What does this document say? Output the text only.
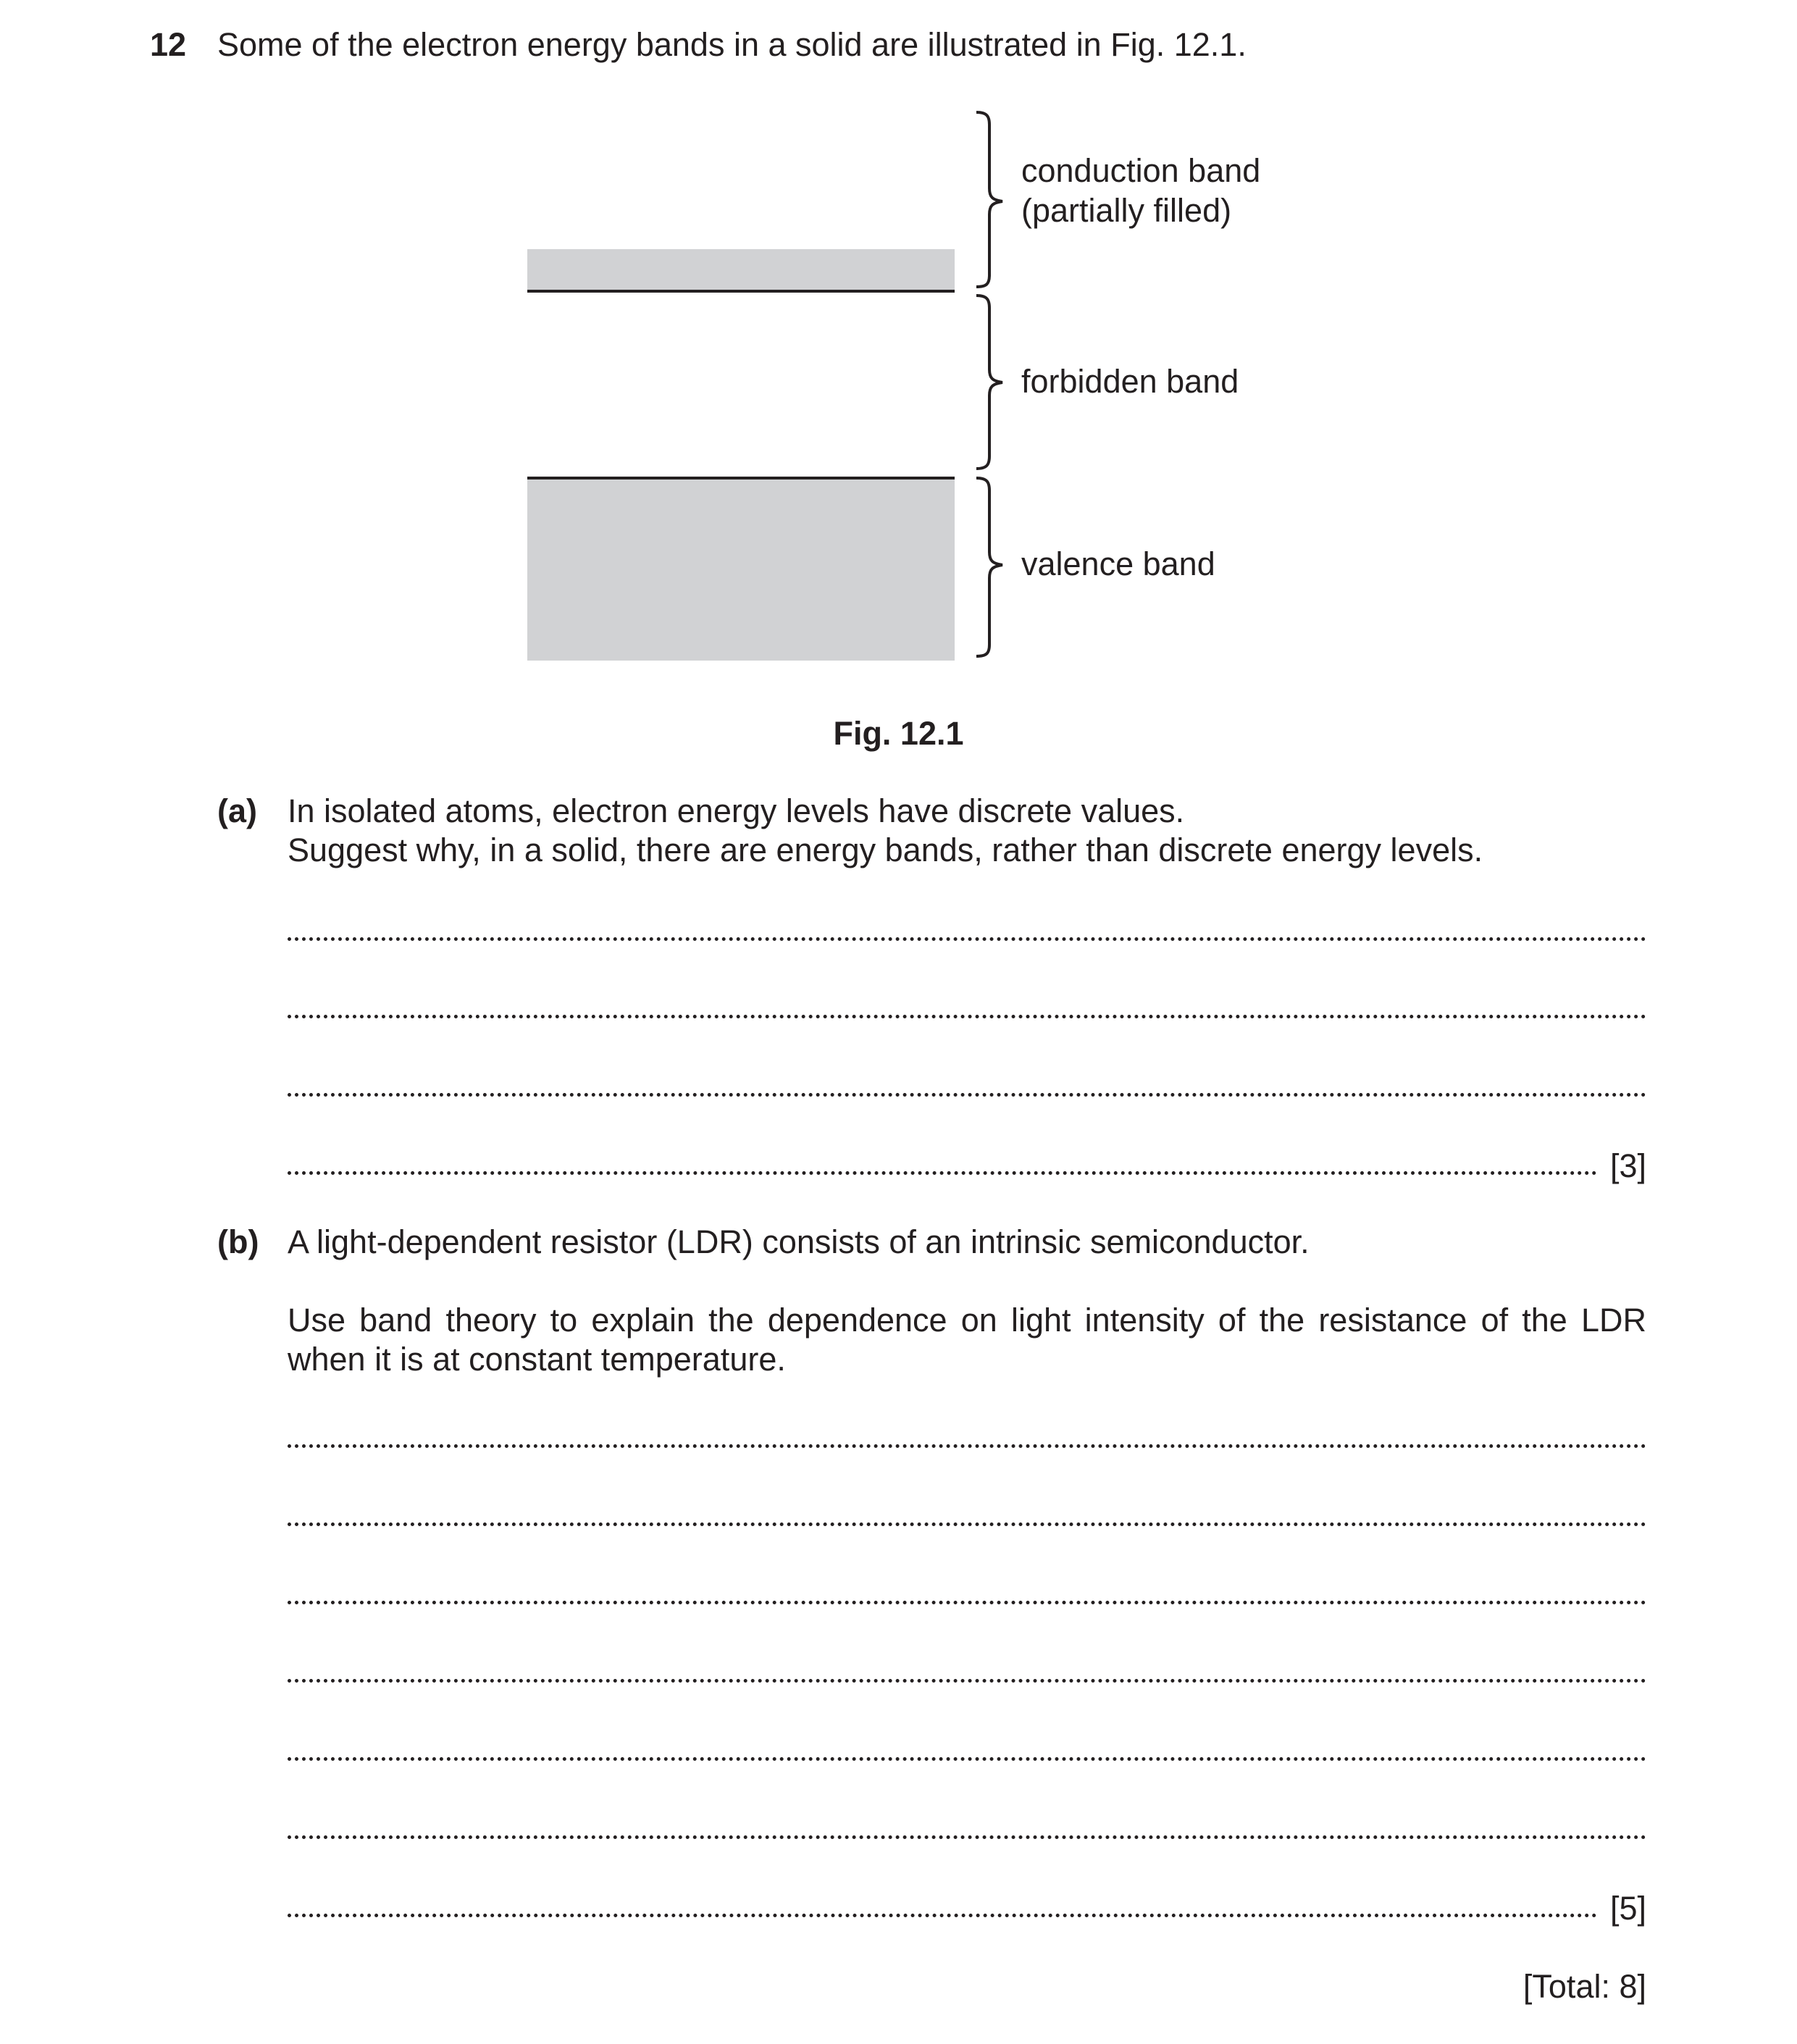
12 Some of the electron energy bands in a solid are illustrated in Fig. 12.1.
conduction band
(partially filled)
forbidden band
valence band
Fig. 12.1
(a) In isolated atoms, electron energy levels have discrete values.
Suggest why, in a solid, there are energy bands, rather than discrete energy levels.
[3]
(b) A light-dependent resistor (LDR) consists of an intrinsic semiconductor.
Use band theory to explain the dependence on light intensity of the resistance of the LDR
when it is at constant temperature.
[5]
[Total: 8]
